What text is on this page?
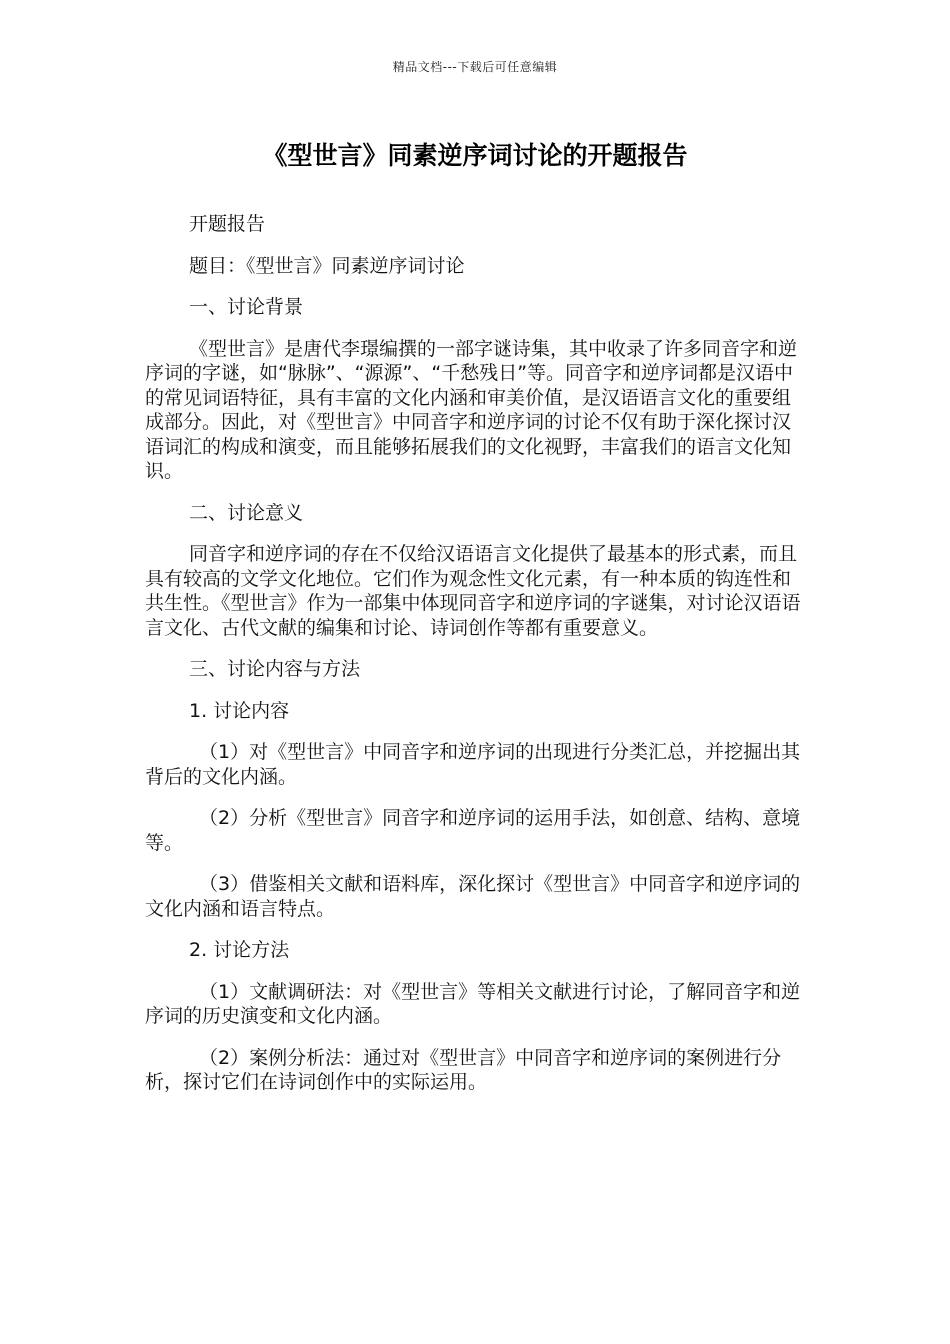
精品文档---下载后可任意编辑
《型世言》同素逆序词讨论的开题报告

开题报告

题目：《型世言》同素逆序词讨论

一、讨论背景

《型世言》是唐代李璟编撰的一部字谜诗集，其中收录了许多同音字和逆序词的字谜，如“脉脉”、“源源”、“千愁残日”等。同音字和逆序词都是汉语中的常见词语特征，具有丰富的文化内涵和审美价值，是汉语语言文化的重要组成部分。因此，对《型世言》中同音字和逆序词的讨论不仅有助于深化探讨汉语词汇的构成和演变，而且能够拓展我们的文化视野，丰富我们的语言文化知识。

二、讨论意义

同音字和逆序词的存在不仅给汉语语言文化提供了最基本的形式素，而且具有较高的文学文化地位。它们作为观念性文化元素，有一种本质的钩连性和共生性。《型世言》作为一部集中体现同音字和逆序词的字谜集，对讨论汉语语言文化、古代文献的编集和讨论、诗词创作等都有重要意义。

三、讨论内容与方法

1. 讨论内容

（1）对《型世言》中同音字和逆序词的出现进行分类汇总，并挖掘出其背后的文化内涵。

（2）分析《型世言》同音字和逆序词的运用手法，如创意、结构、意境等。

（3）借鉴相关文献和语料库，深化探讨《型世言》中同音字和逆序词的文化内涵和语言特点。

2. 讨论方法

（1）文献调研法：对《型世言》等相关文献进行讨论，了解同音字和逆序词的历史演变和文化内涵。

（2）案例分析法：通过对《型世言》中同音字和逆序词的案例进行分析，探讨它们在诗词创作中的实际运用。
